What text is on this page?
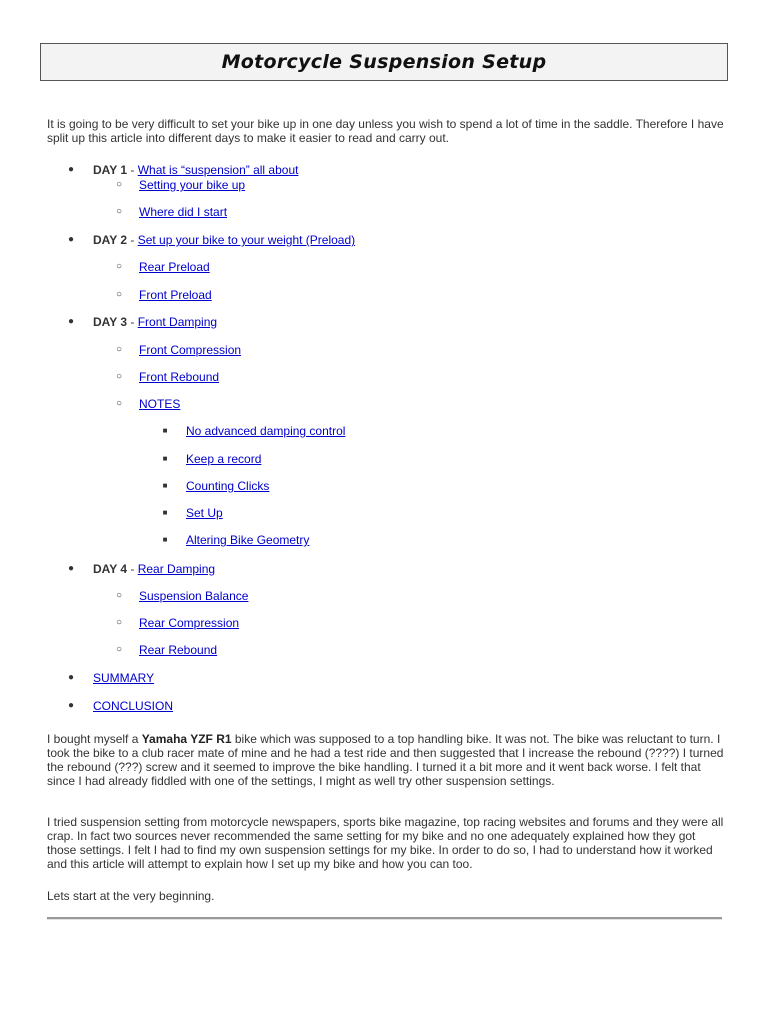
Motorcycle Suspension Setup

It is going to be very difficult to set your bike up in one day unless you wish to spend a lot of time in the saddle. Therefore I have split up this article into different days to make it easier to read and carry out.

● DAY 1 - What is “suspension” all about
○ Setting your bike up
○ Where did I start
● DAY 2 - Set up your bike to your weight (Preload)
○ Rear Preload
○ Front Preload
● DAY 3 - Front Damping
○ Front Compression
○ Front Rebound
○ NOTES
■ No advanced damping control
■ Keep a record
■ Counting Clicks
■ Set Up
■ Altering Bike Geometry
● DAY 4 - Rear Damping
○ Suspension Balance
○ Rear Compression
○ Rear Rebound
● SUMMARY
● CONCLUSION

I bought myself a Yamaha YZF R1 bike which was supposed to a top handling bike. It was not. The bike was reluctant to turn. I took the bike to a club racer mate of mine and he had a test ride and then suggested that I increase the rebound (????) I turned the rebound (???) screw and it seemed to improve the bike handling. I turned it a bit more and it went back worse. I felt that since I had already fiddled with one of the settings, I might as well try other suspension settings.

I tried suspension setting from motorcycle newspapers, sports bike magazine, top racing websites and forums and they were all crap. In fact two sources never recommended the same setting for my bike and no one adequately explained how they got those settings. I felt I had to find my own suspension settings for my bike. In order to do so, I had to understand how it worked and this article will attempt to explain how I set up my bike and how you can too.

Lets start at the very beginning.
